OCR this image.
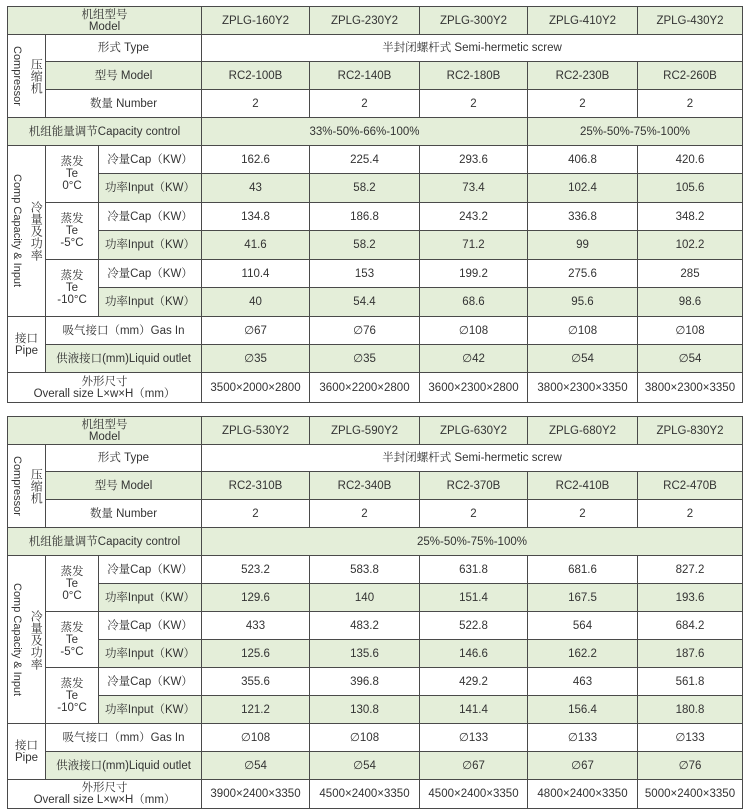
机组型号
Model			ZPLG-160Y2	ZPLG-230Y2	ZPLG-300Y2	ZPLG-410Y2	ZPLG-430Y2

Compressor 压缩机	形式 Type		半封闭螺杆式 Semi-hermetic screw				
	型号 Model		RC2-100B	RC2-140B	RC2-180B	RC2-230B	RC2-260B
	数量 Number		2	2	2	2	2
机组能量调节Capacity control			33%-50%-66%-100%			25%-50%-75%-100%	

Comp Capacity & Input 冷量及功率	蒸发
Te
0°C	冷量Cap（KW）	162.6	225.4	293.6	406.8	420.6
		功率Input（KW）	43	58.2	73.4	102.4	105.6

	蒸发
Te
-5°C	冷量Cap（KW）	134.8	186.8	243.2	336.8	348.2
		功率Input（KW）	41.6	58.2	71.2	99	102.2

	蒸发
Te
-10°C	冷量Cap（KW）	110.4	153	199.2	275.6	285
		功率Input（KW）	40	54.4	68.6	95.6	98.6

接口
Pipe	吸气接口（mm）Gas In		∅67	∅76	∅108	∅108	∅108
	供液接口(mm)Liquid outlet		∅35	∅35	∅42	∅54	∅54

外形尺寸
Overall size L×w×H（mm）			3500×2000×2800	3600×2200×2800	3600×2300×2800	3800×2300×3350	3800×2300×3350
机组型号
Model			ZPLG-530Y2	ZPLG-590Y2	ZPLG-630Y2	ZPLG-680Y2	ZPLG-830Y2

Compressor 压缩机	形式 Type		半封闭螺杆式 Semi-hermetic screw				
	型号 Model		RC2-310B	RC2-340B	RC2-370B	RC2-410B	RC2-470B
	数量 Number		2	2	2	2	2
机组能量调节Capacity control			25%-50%-75%-100%				

Comp Capacity & Input 冷量及功率	蒸发
Te
0°C	冷量Cap（KW）	523.2	583.8	631.8	681.6	827.2
		功率Input（KW）	129.6	140	151.4	167.5	193.6

	蒸发
Te
-5°C	冷量Cap（KW）	433	483.2	522.8	564	684.2
		功率Input（KW）	125.6	135.6	146.6	162.2	187.6

	蒸发
Te
-10°C	冷量Cap（KW）	355.6	396.8	429.2	463	561.8
		功率Input（KW）	121.2	130.8	141.4	156.4	180.8

接口
Pipe	吸气接口（mm）Gas In		∅108	∅108	∅133	∅133	∅133
	供液接口(mm)Liquid outlet		∅54	∅54	∅67	∅67	∅76

外形尺寸
Overall size L×w×H（mm）			3900×2400×3350	4500×2400×3350	4500×2400×3350	4800×2400×3350	5000×2400×3350
